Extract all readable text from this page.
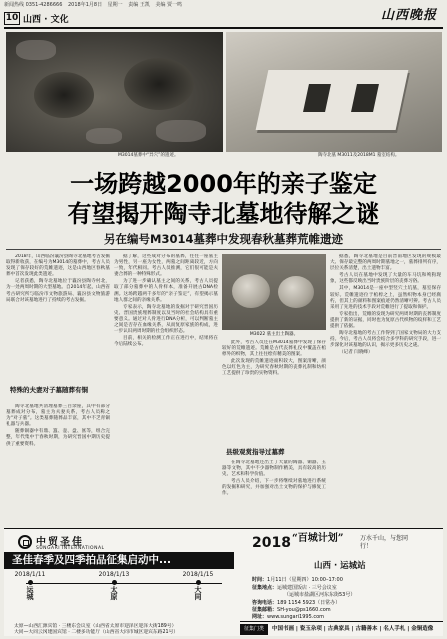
新闻热线 0351-4286666 2018年1月8日 星期一 责编 王凯 美编 贾一鸣
10 山西 · 文化	山西晚报
M3014墓葬中“异穴”的遗迹。	陶寺北墓 M3011及2018M1 墓室结构。
一场跨越2000年的亲子鉴定
有望揭开陶寺北墓地待解之谜
另在编号M3014墓葬中发现春秋墓葬荒帷遗迹

2018年，山西临汾襄汾县陶寺北墓地考古发掘取得新收获，在编号为M3014的墓葬中，考古人员发现了保存较好的荒帷遗迹，这是山西地区春秋墓葬中首次发现此类遗迹。

记者获悉，陶寺北墓地位于襄汾县陶寺村北，为一处两周时期的大型墓地。自2014年起，山西省考古研究所与临汾市文物旅游局、襄汾县文物旅游局联合对该墓地进行了持续的考古发掘。

特殊的夫妻对子墓随葬有铜

陶寺北墓地共清理墓葬三百余座，其中有部分墓葬成对分布，墓主为夫妻关系，考古人员称之为“对子墓”。这类墓葬随葬品丰富，其中不乏青铜礼器与兵器。

随葬铜器中有鼎、簋、壶、盘、匜等，组合完整，年代集中于春秋时期，为研究晋国中期历史提供了重要资料。

据了解，这些成对分布的墓葬，往往一座墓主为男性，另一座为女性，两墓之间距离较近，方向一致，年代相同。考古人员推测，它们很可能是夫妻合葬的一种特殊形式。

为了进一步确认墓主之间的关系，考古人员提取了部分墓葬中的人骨样本，准备开展古DNA检测。这场跨越两千多年的“亲子鉴定”，有望揭示墓地人群之间的亲缘关系。

专家表示，陶寺北墓地的发掘对于研究晋国历史、晋国贵族埋葬制度以及当时的社会结构具有重要意义。通过对人骨进行DNA分析，可以判断墓主之间是否存在血缘关系，从而复原家族的构成，进一步认识两周时期的社会组织形态。

目前，相关的检测工作正在进行中，结果将在今后陆续公布。

M3022 墓主出土陶器。

此外，考古人员还在M3014墓葬中发现了保存较好的荒帷遗迹。荒帷是古代丧葬礼仪中覆盖在棺椁外的织物，其上往往绘有精美的图案。

此次发现的荒帷遗迹面积较大，图案清晰，颜色以红色为主，为研究春秋时期的丧葬礼制和纺织工艺提供了珍贵的实物资料。

县级观赏指导过墓葬

在陶寺北墓地还出土了大量的陶器、铜器、玉器等文物，其中不少器物制作精美，具有较高的历史、艺术和科学价值。

考古人员介绍，下一步将继续对墓地进行系统的发掘和研究，并加强对出土文物的保护与修复工作。

据悉，陶寺北墓地是目前晋南地区发现的规模最大、保存最完整的两周时期墓地之一，墓葬排列有序，层位关系清楚，出土遗物丰富。

考古人员在墓地中发现了大量的车马坑和殉狗现象，这些都反映出当时贵族阶层的丧葬习俗。

其中，M3014是一座中型竖穴土坑墓，墓室保存较好。荒帷遗迹位于棺椁之上，虽然织物本身已经腐朽，但其上的颜料和图案痕迹仍然清晰可辨。考古人员采用了先进的技术手段对荒帷进行了提取和保护。

专家指出，荒帷的发现为研究两周时期的丧葬制度提供了新的证据，同时也为复原古代织物的纹样和工艺提供了依据。

陶寺北墓地的考古工作得到了国家文物局的大力支持。今后，考古人员将会结合多学科的研究手段，进一步深化对该墓地的认识，揭示更多历史之谜。

（记者 闫晓峰）

中贸圣佳
SUNGARI INTERNATIONAL
圣佳春季及四季拍品征集启动中...
2018/1/11
运城
2018/1/13
太原
2018/1/15
大同
太原—山西汇源宾馆 · 三楼东会议室（山西省太原市迎泽区迎泽大街189号）
大同—大同云冈建国宾馆 · 二楼多功能厅（山西省大同市城区迎宾东路21号）
2018 “百城计划”	万水千山，与您同行！
山西 · 运城站
时间：1月11日（星期四）10:00–17:00
征集地点：运城建国饭店 · 三号会议室
（运城市盐湖区河东东街53号）
咨询电话：189 1154 5923（日常办）
征集邮箱：SH-you@ps1660.com
网址：www.sungari1995.com
征集门类	中国书画 | 瓷玉杂项 | 古典家具 | 古籍善本 | 名人手札 | 金铜造像
